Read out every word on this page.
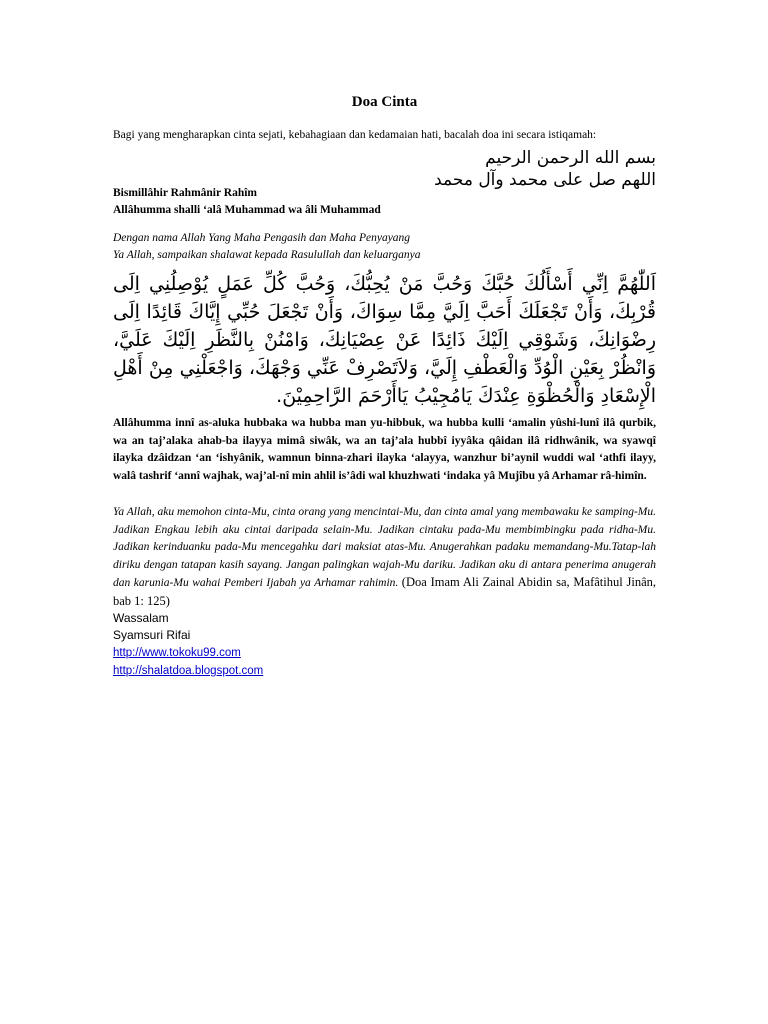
Doa Cinta
Bagi yang mengharapkan cinta sejati, kebahagiaan dan kedamaian hati, bacalah doa ini secara istiqamah:
بسم الله الرحمن الرحيم
اللهم صل على محمد وآل محمد
Bismillâhir Rahmânir Rahîm
Allâhumma shalli ‘alâ Muhammad wa âli Muhammad
Dengan nama Allah Yang Maha Pengasih dan Maha Penyayang
Ya Allah, sampaikan shalawat kepada Rasulullah dan keluarganya
اَللّٰهُمَّ اِنِّي أَسْأَلُكَ حُبَّكَ وَحُبَّ مَنْ يُحِبُّكَ، وَحُبَّ كُلِّ عَمَلٍ يُوْصِلُنِي اِلَى قُرْبِكَ، وَأَنْ تَجْعَلَكَ أَحَبَّ اِلَيَّ مِمَّا سِوَاكَ، وَأَنْ تَجْعَلَ حُبِّي إِيَّاكَ قَائِدًا اِلَى رِضْوَانِكَ، وَشَوْقِي اِلَيْكَ ذَائِدًا عَنْ عِصْيَانِكَ، وَامْنُنْ بِالنَّظَرِ اِلَيْكَ عَلَيَّ، وَانْظُرْ بِعَيْنِ الْوُدِّ وَالْعَطْفِ إِلَيَّ، وَلاَتَصْرِفْ عَنِّي وَجْهَكَ، وَاجْعَلْنِي مِنْ أَهْلِ الْإِسْعَادِ وَالْحُظْوَةِ عِنْدَكَ يَامُجِيْبُ يَاأَرْحَمَ الرَّاحِمِيْنَ.
Allâhumma innî as-aluka hubbaka wa hubba man yu-hibbuk, wa hubba kulli ‘amalin yûshi-lunî ilâ qurbik, wa an taj’alaka ahab-ba ilayya mimâ siwâk, wa an taj’ala hubbî iyyâka qâidan ilâ ridhwânik, wa syawqî ilayka dzâidzan ‘an ‘ishyânik, wamnun binna-zhari ilayka ‘alayya, wanzhur bi’aynil wuddi wal ‘athfi ilayy, walâ tashrif ‘annî wajhak, waj’al-nî min ahlil is’âdi wal khuzhwati ‘indaka yâ Mujîbu yâ Arhamar râ-himîn.
Ya Allah, aku memohon cinta-Mu, cinta orang yang mencintai-Mu, dan cinta amal yang membawaku ke samping-Mu. Jadikan Engkau lebih aku cintai daripada selain-Mu. Jadikan cintaku pada-Mu membimbingku pada ridha-Mu. Jadikan kerinduanku pada-Mu mencegahku dari maksiat atas-Mu. Anugerahkan padaku memandang-Mu.Tatap-lah diriku dengan tatapan kasih sayang. Jangan palingkan wajah-Mu dariku. Jadikan aku di antara penerima anugerah dan karunia-Mu wahai Pemberi Ijabah ya Arhamar rahimin. (Doa Imam Ali Zainal Abidin sa, Mafâtihul Jinân, bab 1: 125)
Wassalam
Syamsuri Rifai
http://www.tokoku99.com
http://shalatdoa.blogspot.com
